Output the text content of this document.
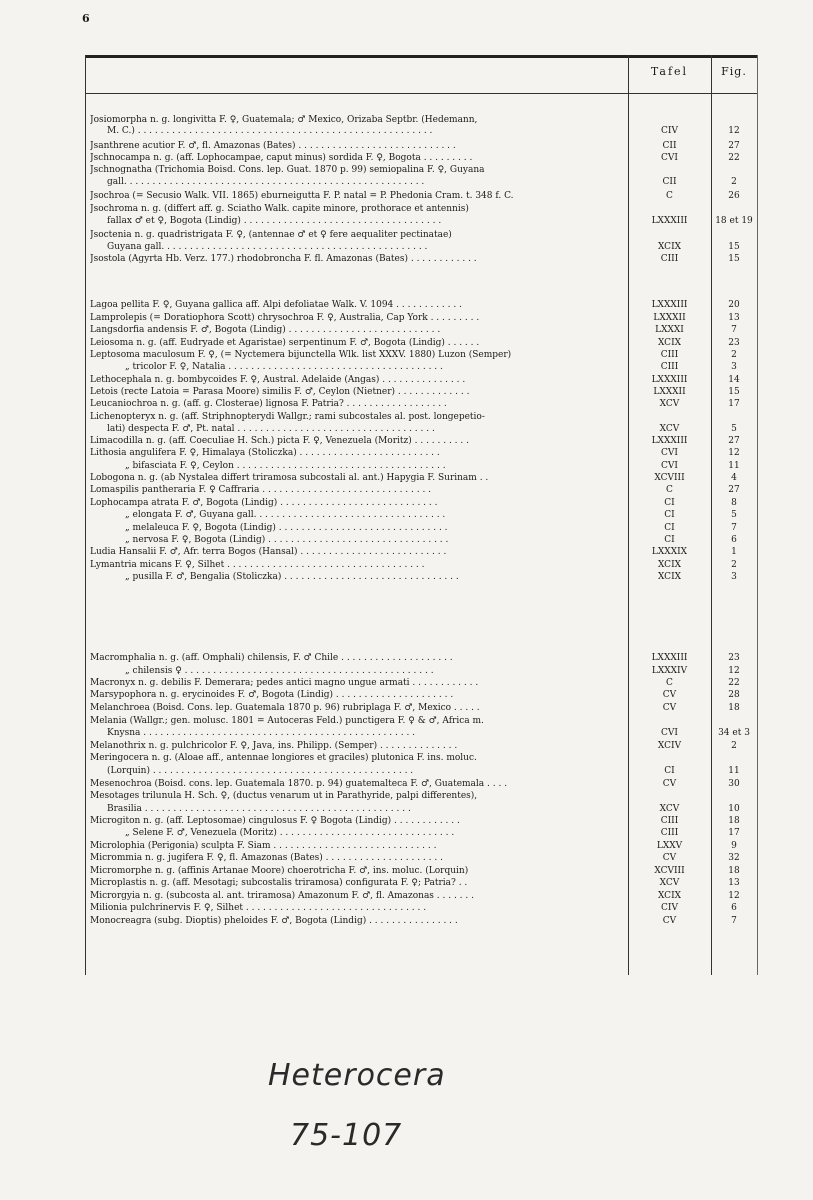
6
Tafel	Fig.
Josiomorpha n. g. longivitta F. ♀, Guatemala; ♂ Mexico, Orizaba Septbr. (Hedemann,
M. C.) . . . . . . . . . . . . . . . . . . . . . . . . . . . . . . . . . . . . . . . . . . . . . . . . . . . .	CIV	12
Jsanthrene acutior F. ♂, fl. Amazonas (Bates) . . . . . . . . . . . . . . . . . . . . . . . . . . . .	CII	27
Jschnocampa n. g. (aff. Lophocampae, caput minus) sordida F. ♀, Bogota . . . . . . . . .	CVI	22
Jschnognatha (Trichomia Boisd. Cons. lep. Guat. 1870 p. 99) semiopalina F. ♀, Guyana
gall. . . . . . . . . . . . . . . . . . . . . . . . . . . . . . . . . . . . . . . . . . . . . . . . . . . . .	CII	2
Jsochroa (= Secusio Walk. VII. 1865) eburneigutta F. P. natal = P. Phedonia Cram. t. 348 f. C.	C	26
Jsochroma n. g. (differt aff. g. Sciatho Walk. capite minore, prothorace et antennis)
fallax ♂ et ♀, Bogota (Lindig) . . . . . . . . . . . . . . . . . . . . . . . . . . . . . . . . . . .	LXXXIII	18 et 19
Jsoctenia n. g. quadristrigata F. ♀, (antennae ♂ et ♀ fere aequaliter pectinatae)
Guyana gall. . . . . . . . . . . . . . . . . . . . . . . . . . . . . . . . . . . . . . . . . . . . . . .	XCIX	15
Jsostola (Agyrta Hb. Verz. 177.) rhodobroncha F. fl. Amazonas (Bates) . . . . . . . . . . . .	CIII	15
Lagoa pellita F. ♀, Guyana gallica aff. Alpi defoliatae Walk. V. 1094 . . . . . . . . . . . .	LXXXIII	20
Lamprolepis (= Doratiophora Scott) chrysochroa F. ♀, Australia, Cap York . . . . . . . . .	LXXXII	13
Langsdorfia andensis F. ♂, Bogota (Lindig) . . . . . . . . . . . . . . . . . . . . . . . . . . .	LXXXI	7
Leiosoma n. g. (aff. Eudryade et Agaristae) serpentinum F. ♂, Bogota (Lindig) . . . . . .	XCIX	23
Leptosoma maculosum F. ♀, (= Nyctemera bijunctella Wlk. list XXXV. 1880) Luzon (Semper)	CIII	2
„ tricolor F. ♀, Natalia . . . . . . . . . . . . . . . . . . . . . . . . . . . . . . . . . . . . . .	CIII	3
Lethocephala n. g. bombycoides F. ♀, Austral. Adelaide (Angas) . . . . . . . . . . . . . . .	LXXXIII	14
Letois (recte Latoia = Parasa Moore) similis F. ♂, Ceylon (Nietner) . . . . . . . . . . . . .	LXXXII	15
Leucaniochroa n. g. (aff. g. Closterae) lignosa F. Patria? . . . . . . . . . . . . . . . . . .	XCV	17
Lichenopteryx n. g. (aff. Striphnopterydi Wallgr.; rami subcostales al. post. longepetio-
lati) despecta F. ♂, Pt. natal . . . . . . . . . . . . . . . . . . . . . . . . . . . . . . . . . . .	XCV	5
Limacodilla n. g. (aff. Coeculiae H. Sch.) picta F. ♀, Venezuela (Moritz) . . . . . . . . . .	LXXXIII	27
Lithosia angulifera F. ♀, Himalaya (Stoliczka) . . . . . . . . . . . . . . . . . . . . . . . . .	CVI	12
„ bifasciata F. ♀, Ceylon . . . . . . . . . . . . . . . . . . . . . . . . . . . . . . . . . . . . .	CVI	11
Lobogona n. g. (ab Nystalea differt triramosa subcostali al. ant.) Hapygia F. Surinam . .	XCVIII	4
Lomaspilis pantheraria F. ♀ Caffraria . . . . . . . . . . . . . . . . . . . . . . . . . . . . . .	C	27
Lophocampa atrata F. ♂, Bogota (Lindig) . . . . . . . . . . . . . . . . . . . . . . . . . . . .	CI	8
„ elongata F. ♂, Guyana gall. . . . . . . . . . . . . . . . . . . . . . . . . . . . . . . . . .	CI	5
„ melaleuca F. ♀, Bogota (Lindig) . . . . . . . . . . . . . . . . . . . . . . . . . . . . . .	CI	7
„ nervosa F. ♀, Bogota (Lindig) . . . . . . . . . . . . . . . . . . . . . . . . . . . . . . . .	CI	6
Ludia Hansalii F. ♂, Afr. terra Bogos (Hansal) . . . . . . . . . . . . . . . . . . . . . . . . . .	LXXXIX	1
Lymantria micans F. ♀, Silhet . . . . . . . . . . . . . . . . . . . . . . . . . . . . . . . . . . .	XCIX	2
„ pusilla F. ♂, Bengalia (Stoliczka) . . . . . . . . . . . . . . . . . . . . . . . . . . . . . . .	XCIX	3
Macromphalia n. g. (aff. Omphali) chilensis, F. ♂ Chile . . . . . . . . . . . . . . . . . . . .	LXXXIII	23
„ chilensis ♀ . . . . . . . . . . . . . . . . . . . . . . . . . . . . . . . . . . . . . . . . . . . .	LXXXIV	12
Macronyx n. g. debilis F. Demerara; pedes antici magno ungue armati . . . . . . . . . . . .	C	22
Marsypophora n. g. erycinoides F. ♂, Bogota (Lindig) . . . . . . . . . . . . . . . . . . . . .	CV	28
Melanchroea (Boisd. Cons. lep. Guatemala 1870 p. 96) rubriplaga F. ♂, Mexico . . . . .	CV	18
Melania (Wallgr.; gen. molusc. 1801 = Autoceras Feld.) punctigera F. ♀ & ♂, Africa m.
Knysna . . . . . . . . . . . . . . . . . . . . . . . . . . . . . . . . . . . . . . . . . . . . . . . .	CVI	34 et 3
Melanothrix n. g. pulchricolor F. ♀, Java, ins. Philipp. (Semper) . . . . . . . . . . . . . .	XCIV	2
Meringocera n. g. (Aloae aff., antennae longiores et graciles) plutonica F. ins. moluc.
(Lorquin) . . . . . . . . . . . . . . . . . . . . . . . . . . . . . . . . . . . . . . . . . . . . . .	CI	11
Mesenochroa (Boisd. cons. lep. Guatemala 1870. p. 94) guatemalteca F. ♂, Guatemala . . . .	CV	30
Mesotages trilunula H. Sch. ♀, (ductus venarum ut in Parathyride, palpi differentes),
Brasilia . . . . . . . . . . . . . . . . . . . . . . . . . . . . . . . . . . . . . . . . . . . . . . .	XCV	10
Microgiton n. g. (aff. Leptosomae) cingulosus F. ♀ Bogota (Lindig) . . . . . . . . . . . .	CIII	18
„ Selene F. ♂, Venezuela (Moritz) . . . . . . . . . . . . . . . . . . . . . . . . . . . . . . .	CIII	17
Microlophia (Perigonia) sculpta F. Siam . . . . . . . . . . . . . . . . . . . . . . . . . . . . .	LXXV	9
Micrommia n. g. jugifera F. ♀, fl. Amazonas (Bates) . . . . . . . . . . . . . . . . . . . . .	CV	32
Micromorphe n. g. (affinis Artanae Moore) choerotricha F. ♂, ins. moluc. (Lorquin)	XCVIII	18
Microplastis n. g. (aff. Mesotagi; subcostalis triramosa) configurata F. ♀; Patria? . .	XCV	13
Microrgyia n. g. (subcosta al. ant. triramosa) Amazonum F. ♂, fl. Amazonas . . . . . . .	XCIX	12
Milionia pulchrinervis F. ♀, Silhet . . . . . . . . . . . . . . . . . . . . . . . . . . . . . . . .	CIV	6
Monocreagra (subg. Dioptis) pheloides F. ♂, Bogota (Lindig) . . . . . . . . . . . . . . . .	CV	7
Heterocera
75-107
